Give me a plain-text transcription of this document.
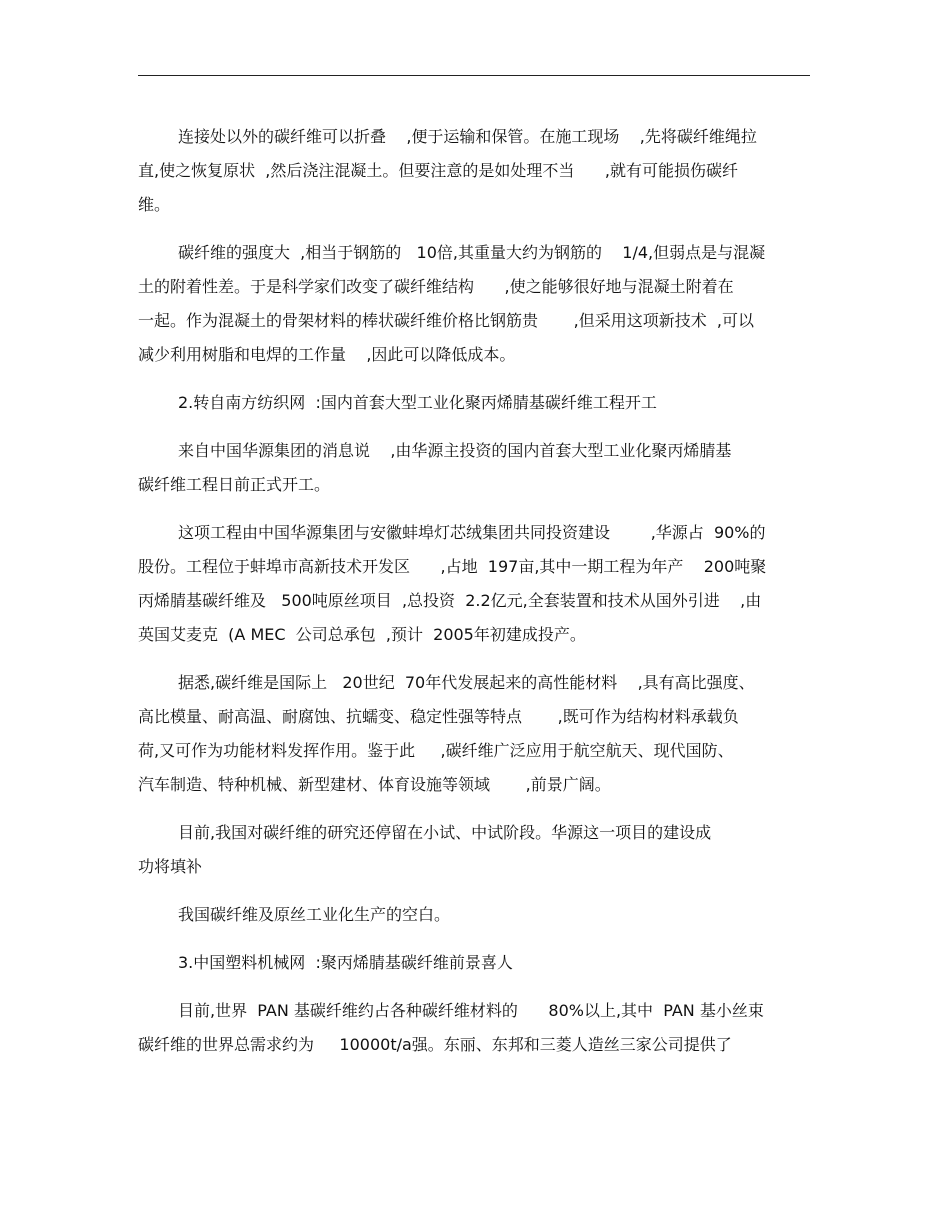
连接处以外的碳纤维可以折叠    ,便于运输和保管。在施工现场    ,先将碳纤维绳拉
直,使之恢复原状  ,然后浇注混凝土。但要注意的是如处理不当      ,就有可能损伤碳纤
维。
碳纤维的强度大  ,相当于钢筋的   10倍,其重量大约为钢筋的    1/4,但弱点是与混凝
土的附着性差。于是科学家们改变了碳纤维结构      ,使之能够很好地与混凝土附着在
一起。作为混凝土的骨架材料的棒状碳纤维价格比钢筋贵       ,但采用这项新技术  ,可以
减少利用树脂和电焊的工作量    ,因此可以降低成本。
2.转自南方纺织网  :国内首套大型工业化聚丙烯腈基碳纤维工程开工
来自中国华源集团的消息说    ,由华源主投资的国内首套大型工业化聚丙烯腈基
碳纤维工程日前正式开工。
这项工程由中国华源集团与安徽蚌埠灯芯绒集团共同投资建设        ,华源占  90%的
股份。工程位于蚌埠市高新技术开发区      ,占地  197亩,其中一期工程为年产    200吨聚
丙烯腈基碳纤维及   500吨原丝项目  ,总投资  2.2亿元,全套装置和技术从国外引进    ,由
英国艾麦克  (A MEC  公司总承包  ,预计  2005年初建成投产。
据悉,碳纤维是国际上   20世纪  70年代发展起来的高性能材料    ,具有高比强度、
高比模量、耐高温、耐腐蚀、抗蠕变、稳定性强等特点       ,既可作为结构材料承载负
荷,又可作为功能材料发挥作用。鉴于此     ,碳纤维广泛应用于航空航天、现代国防、
汽车制造、特种机械、新型建材、体育设施等领域       ,前景广阔。
目前,我国对碳纤维的研究还停留在小试、中试阶段。华源这一项目的建设成
功将填补
我国碳纤维及原丝工业化生产的空白。
3.中国塑料机械网  :聚丙烯腈基碳纤维前景喜人
目前,世界  PAN 基碳纤维约占各种碳纤维材料的      80%以上,其中  PAN 基小丝束
碳纤维的世界总需求约为     10000t/a强。东丽、东邦和三菱人造丝三家公司提供了
